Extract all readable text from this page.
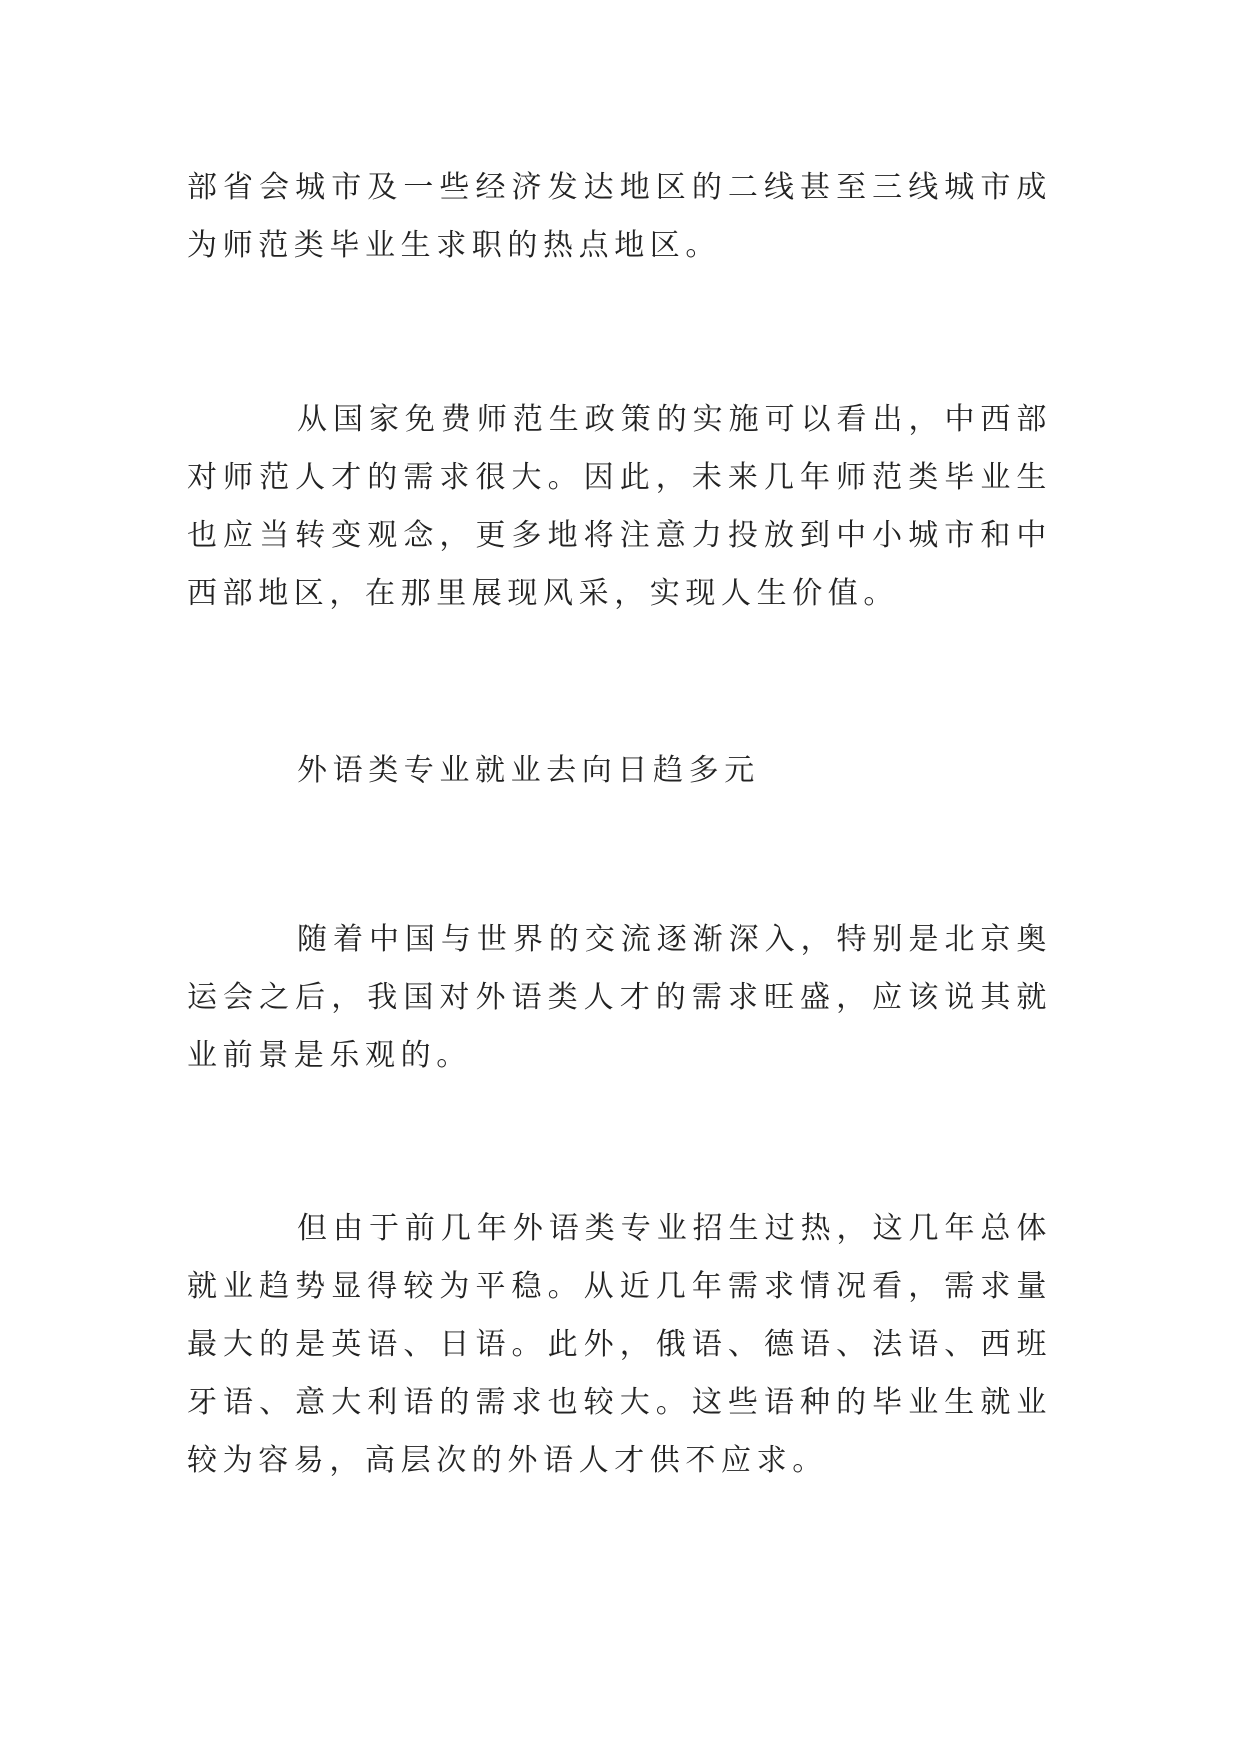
部省会城市及一些经济发达地区的二线甚至三线城市成为师范类毕业生求职的热点地区。

从国家免费师范生政策的实施可以看出，中西部对师范人才的需求很大。因此，未来几年师范类毕业生也应当转变观念，更多地将注意力投放到中小城市和中西部地区，在那里展现风采，实现人生价值。

外语类专业就业去向日趋多元

随着中国与世界的交流逐渐深入，特别是北京奥运会之后，我国对外语类人才的需求旺盛，应该说其就业前景是乐观的。

但由于前几年外语类专业招生过热，这几年总体就业趋势显得较为平稳。从近几年需求情况看，需求量最大的是英语、日语。此外，俄语、德语、法语、西班牙语、意大利语的需求也较大。这些语种的毕业生就业较为容易，高层次的外语人才供不应求。
